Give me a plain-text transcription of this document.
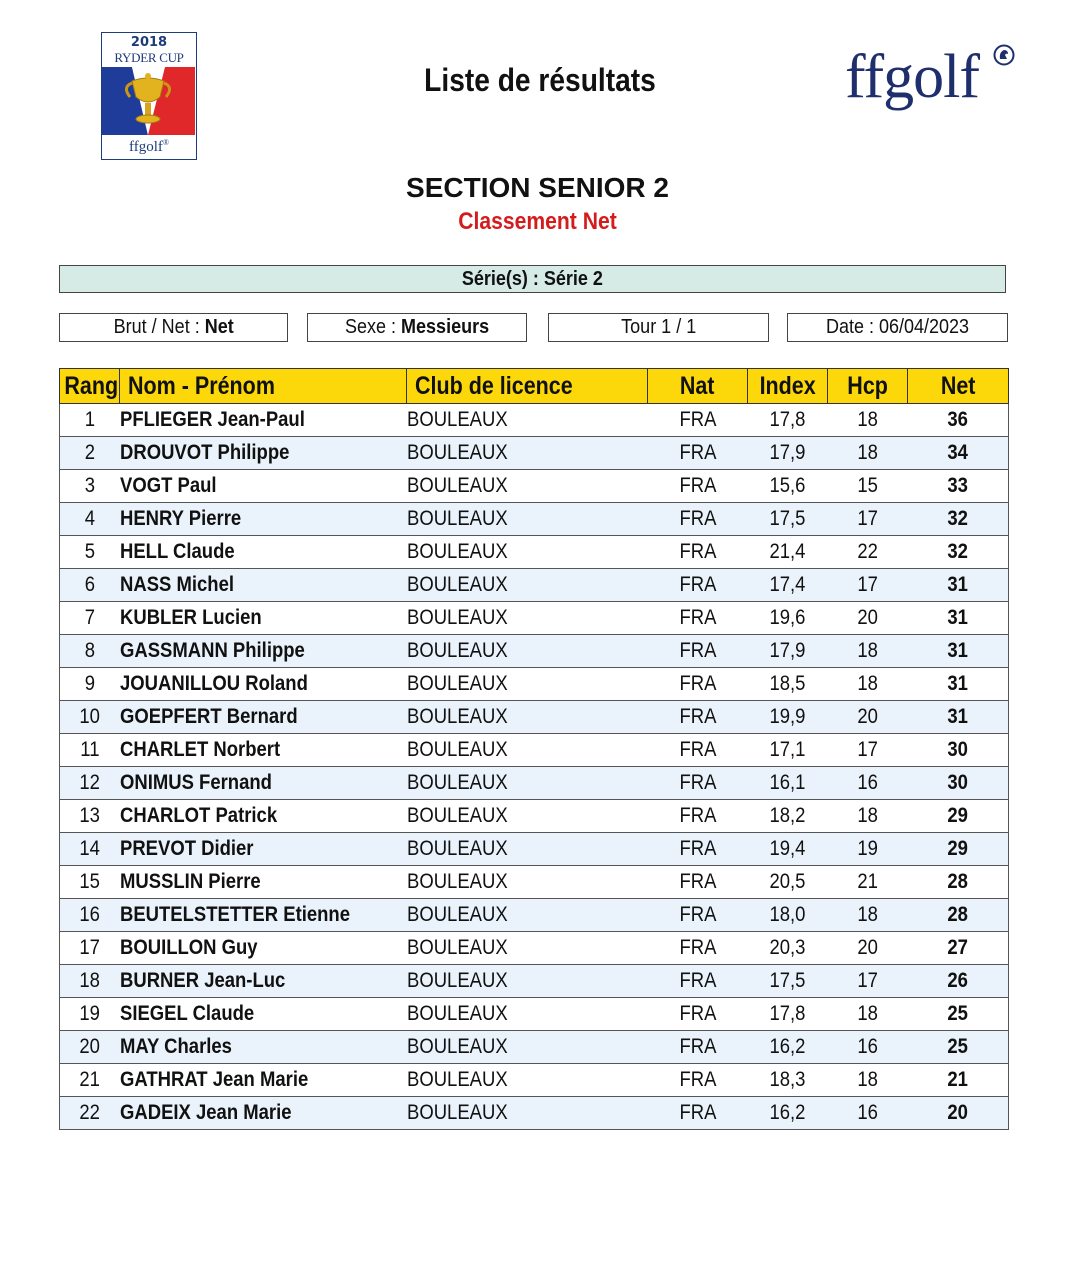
2018
RYDER CUP
ffgolf®
Liste de résultats	ffgolf
SECTION SENIOR 2
Classement Net
Série(s) : Série 2
Brut / Net : Net	Sexe : Messieurs	Tour 1 / 1	Date : 06/04/2023
Rang	Nom - Prénom	Club de licence	Nat	Index	Hcp	Net
1	PFLIEGER Jean-Paul	BOULEAUX	FRA	17,8	18	36
2	DROUVOT Philippe	BOULEAUX	FRA	17,9	18	34
3	VOGT Paul	BOULEAUX	FRA	15,6	15	33
4	HENRY Pierre	BOULEAUX	FRA	17,5	17	32
5	HELL Claude	BOULEAUX	FRA	21,4	22	32
6	NASS Michel	BOULEAUX	FRA	17,4	17	31
7	KUBLER Lucien	BOULEAUX	FRA	19,6	20	31
8	GASSMANN Philippe	BOULEAUX	FRA	17,9	18	31
9	JOUANILLOU Roland	BOULEAUX	FRA	18,5	18	31
10	GOEPFERT Bernard	BOULEAUX	FRA	19,9	20	31
11	CHARLET Norbert	BOULEAUX	FRA	17,1	17	30
12	ONIMUS Fernand	BOULEAUX	FRA	16,1	16	30
13	CHARLOT Patrick	BOULEAUX	FRA	18,2	18	29
14	PREVOT Didier	BOULEAUX	FRA	19,4	19	29
15	MUSSLIN Pierre	BOULEAUX	FRA	20,5	21	28
16	BEUTELSTETTER Etienne	BOULEAUX	FRA	18,0	18	28
17	BOUILLON Guy	BOULEAUX	FRA	20,3	20	27
18	BURNER Jean-Luc	BOULEAUX	FRA	17,5	17	26
19	SIEGEL Claude	BOULEAUX	FRA	17,8	18	25
20	MAY Charles	BOULEAUX	FRA	16,2	16	25
21	GATHRAT Jean Marie	BOULEAUX	FRA	18,3	18	21
22	GADEIX Jean Marie	BOULEAUX	FRA	16,2	16	20
